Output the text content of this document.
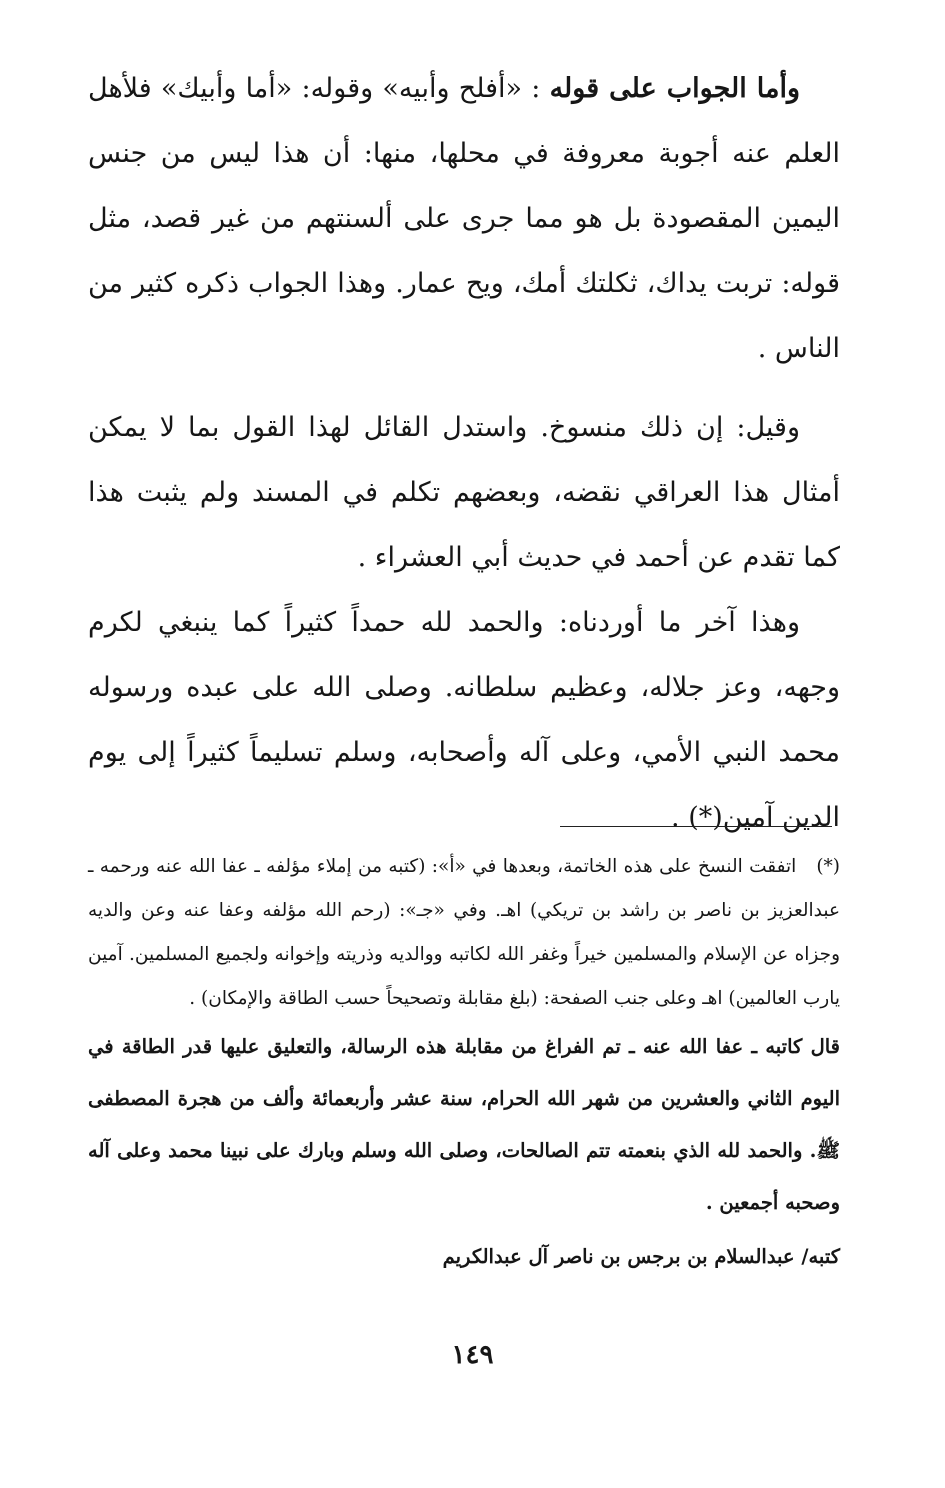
وأما الجواب على قوله : «أفلح وأبيه» وقوله: «أما وأبيك» فلأهل العلم عنه أجوبة معروفة في محلها، منها: أن هذا ليس من جنس اليمين المقصودة بل هو مما جرى على ألسنتهم من غير قصد، مثل قوله: تربت يداك، ثكلتك أمك، ويح عمار. وهذا الجواب ذكره كثير من الناس .

وقيل: إن ذلك منسوخ. واستدل القائل لهذا القول بما لا يمكن أمثال هذا العراقي نقضه، وبعضهم تكلم في المسند ولم يثبت هذا كما تقدم عن أحمد في حديث أبي العشراء .

وهذا آخر ما أوردناه: والحمد لله حمداً كثيراً كما ينبغي لكرم وجهه، وعز جلاله، وعظيم سلطانه. وصلى الله على عبده ورسوله محمد النبي الأمي، وعلى آله وأصحابه، وسلم تسليماً كثيراً إلى يوم الدين آمين(*) .

(*)اتفقت النسخ على هذه الخاتمة، وبعدها في «أ»: (كتبه من إملاء مؤلفه ـ عفا الله عنه ورحمه ـ عبدالعزيز بن ناصر بن راشد بن تريكي) اهـ. وفي «جـ»: (رحم الله مؤلفه وعفا عنه وعن والديه وجزاه عن الإسلام والمسلمين خيراً وغفر الله لكاتبه ووالديه وذريته وإخوانه ولجميع المسلمين. آمين يارب العالمين) اهـ وعلى جنب الصفحة: (بلغ مقابلة وتصحيحاً حسب الطاقة والإمكان) .

قال كاتبه ـ عفا الله عنه ـ تم الفراغ من مقابلة هذه الرسالة، والتعليق عليها قدر الطاقة في اليوم الثاني والعشرين من شهر الله الحرام، سنة عشر وأربعمائة وألف من هجرة المصطفى ﷺ. والحمد لله الذي بنعمته تتم الصالحات، وصلى الله وسلم وبارك على نبينا محمد وعلى آله وصحبه أجمعين .

كتبه/ عبدالسلام بن برجس بن ناصر آل عبدالكريم

١٤٩
